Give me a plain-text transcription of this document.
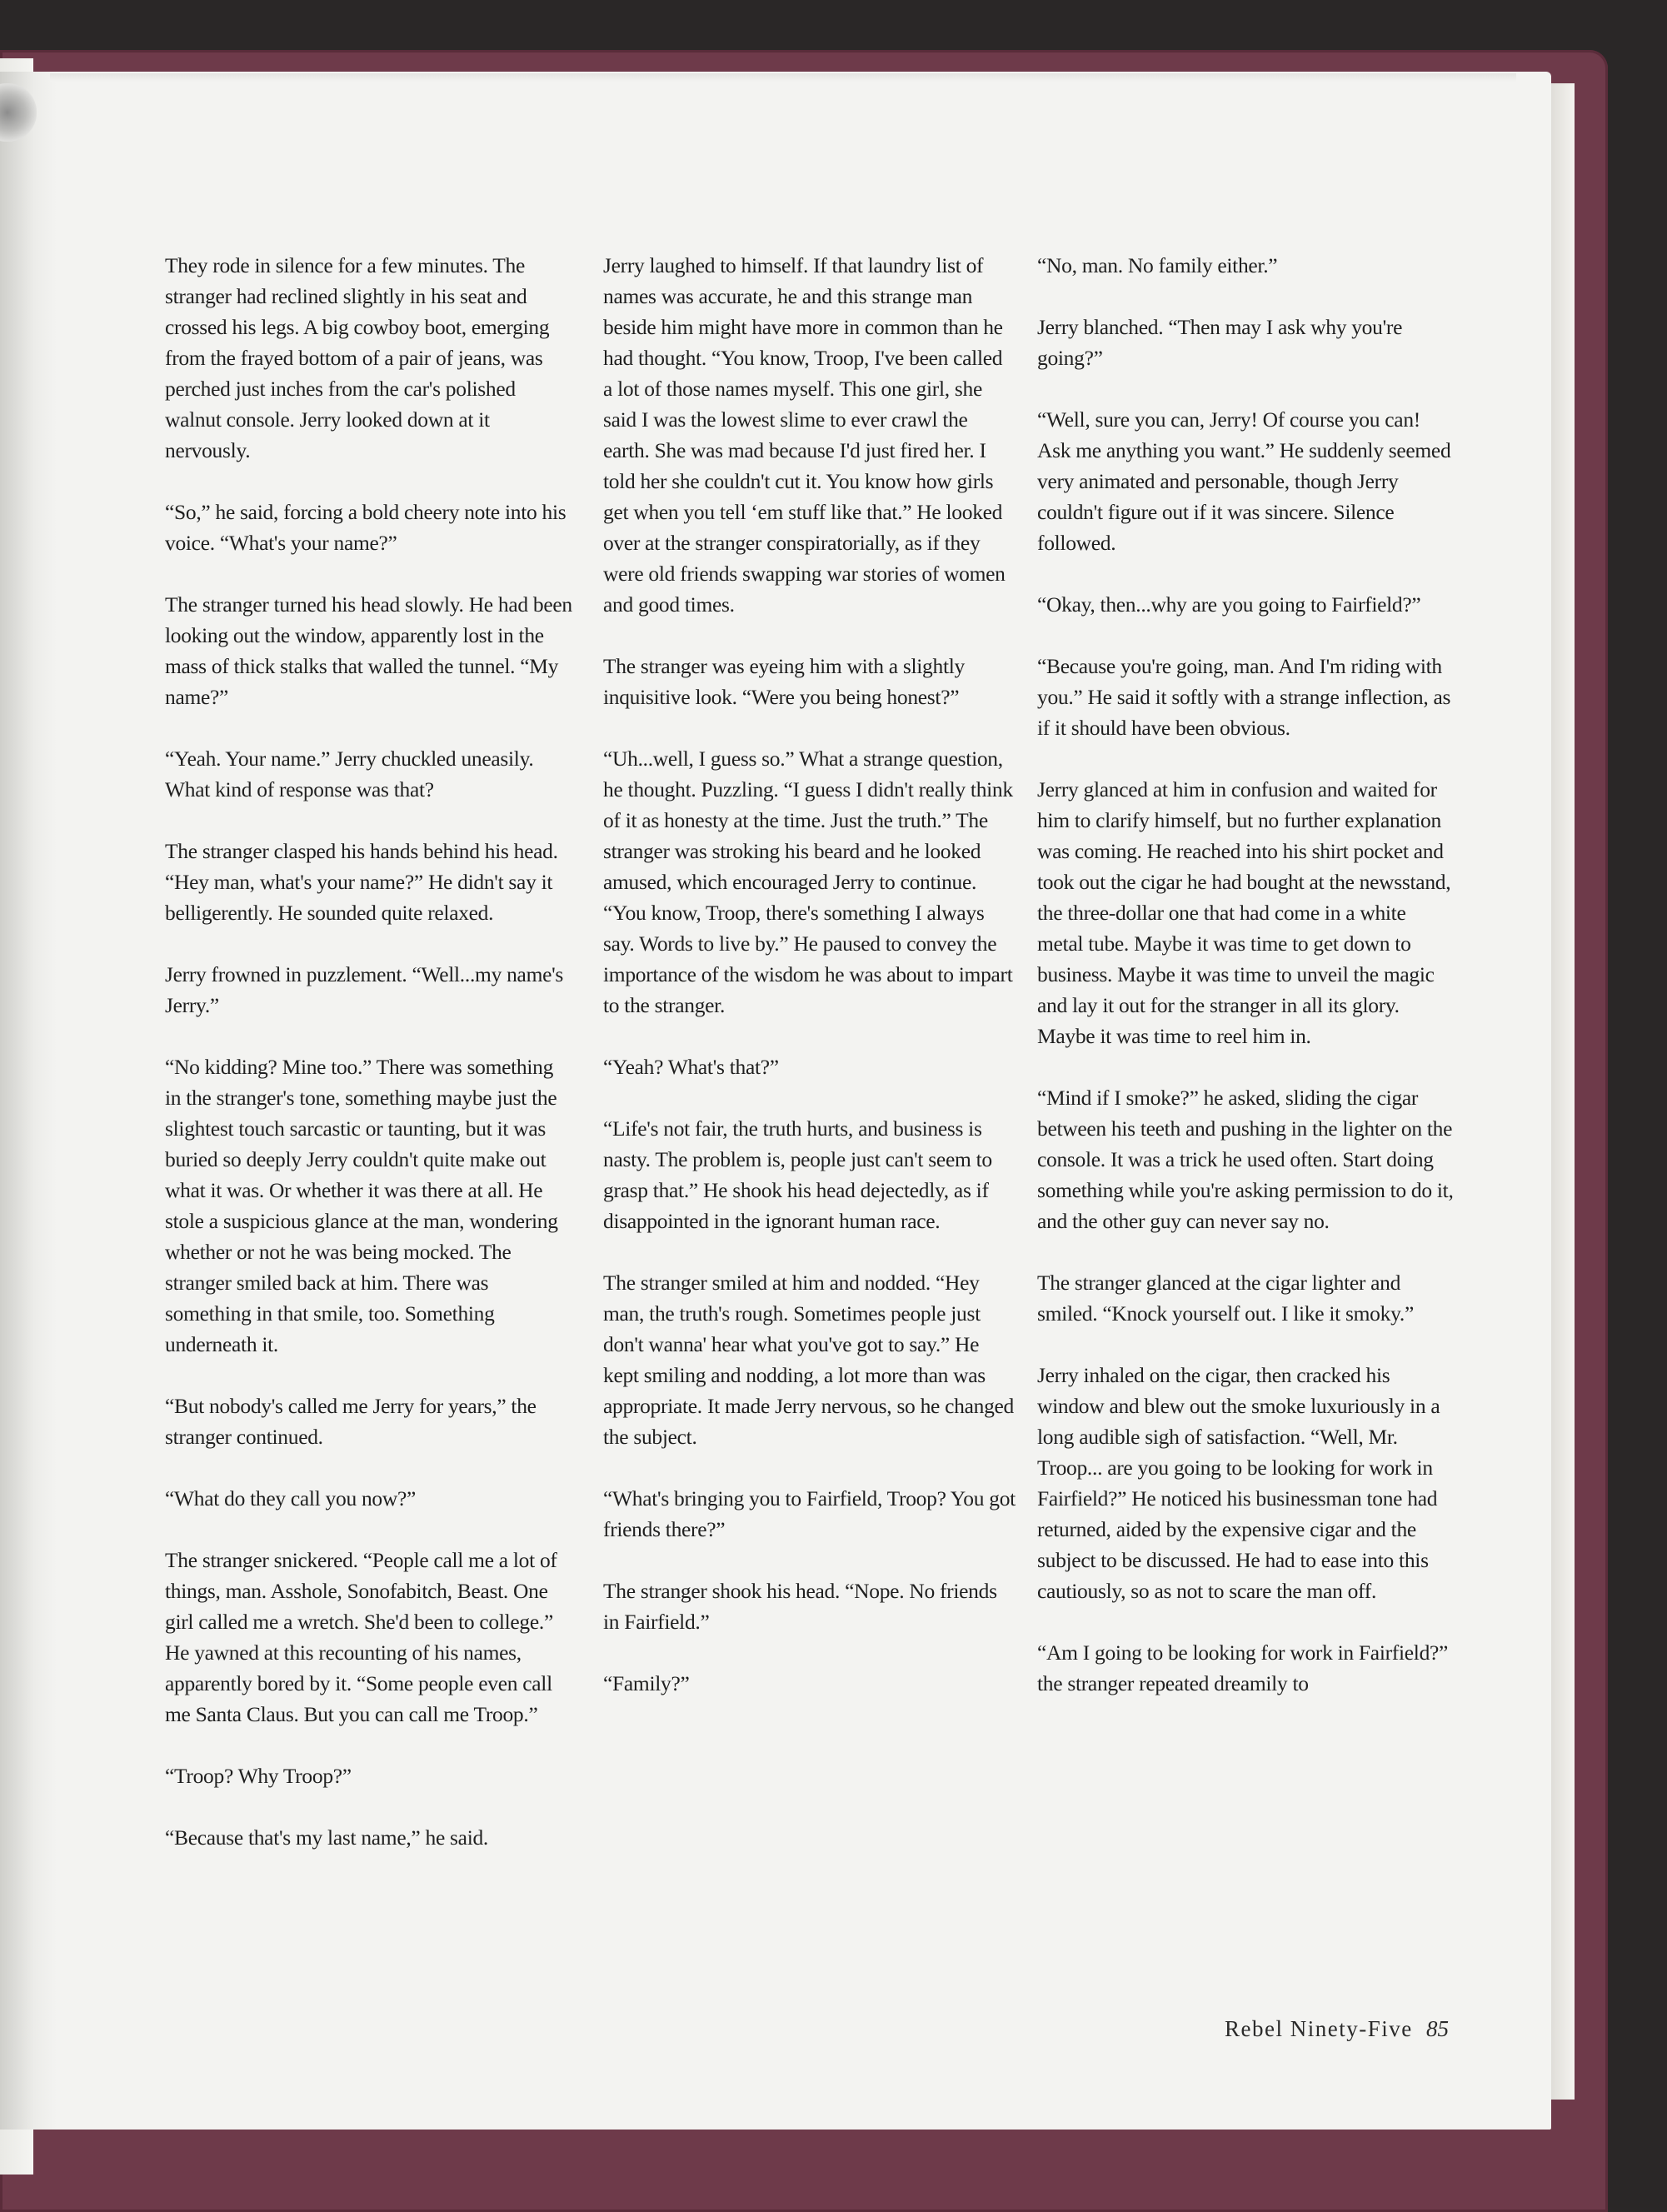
They rode in silence for a few minutes. The stranger had reclined slightly in his seat and crossed his legs. A big cowboy boot, emerging from the frayed bottom of a pair of jeans, was perched just inches from the car's polished walnut console. Jerry looked down at it nervously.

“So,” he said, forcing a bold cheery note into his voice. “What's your name?”

The stranger turned his head slowly. He had been looking out the window, apparently lost in the mass of thick stalks that walled the tunnel. “My name?”

“Yeah. Your name.” Jerry chuckled uneasily. What kind of response was that?

The stranger clasped his hands behind his head. “Hey man, what's your name?” He didn't say it belligerently. He sounded quite relaxed.

Jerry frowned in puzzlement. “Well...my name's Jerry.”

“No kidding? Mine too.” There was something in the stranger's tone, something maybe just the slightest touch sarcastic or taunting, but it was buried so deeply Jerry couldn't quite make out what it was. Or whether it was there at all. He stole a suspicious glance at the man, wondering whether or not he was being mocked. The stranger smiled back at him. There was something in that smile, too. Something underneath it.

“But nobody's called me Jerry for years,” the stranger continued.

“What do they call you now?”

The stranger snickered. “People call me a lot of things, man. Asshole, Sonofabitch, Beast. One girl called me a wretch. She'd been to college.” He yawned at this recounting of his names, apparently bored by it. “Some people even call me Santa Claus. But you can call me Troop.”

“Troop? Why Troop?”

“Because that's my last name,” he said.

Jerry laughed to himself. If that laundry list of names was accurate, he and this strange man beside him might have more in common than he had thought. “You know, Troop, I've been called a lot of those names myself. This one girl, she said I was the lowest slime to ever crawl the earth. She was mad because I'd just fired her. I told her she couldn't cut it. You know how girls get when you tell ‘em stuff like that.” He looked over at the stranger conspiratorially, as if they were old friends swapping war stories of women and good times.

The stranger was eyeing him with a slightly inquisitive look. “Were you being honest?”

“Uh...well, I guess so.” What a strange question, he thought. Puzzling. “I guess I didn't really think of it as honesty at the time. Just the truth.” The stranger was stroking his beard and he looked amused, which encouraged Jerry to continue. “You know, Troop, there's something I always say. Words to live by.” He paused to convey the importance of the wisdom he was about to impart to the stranger.

“Yeah? What's that?”

“Life's not fair, the truth hurts, and business is nasty. The problem is, people just can't seem to grasp that.” He shook his head dejectedly, as if disappointed in the ignorant human race.

The stranger smiled at him and nodded. “Hey man, the truth's rough. Sometimes people just don't wanna' hear what you've got to say.” He kept smiling and nodding, a lot more than was appropriate. It made Jerry nervous, so he changed the subject.

“What's bringing you to Fairfield, Troop? You got friends there?”

The stranger shook his head. “Nope. No friends in Fairfield.”

“Family?”

“No, man. No family either.”

Jerry blanched. “Then may I ask why you're going?”

“Well, sure you can, Jerry! Of course you can! Ask me anything you want.” He suddenly seemed very animated and personable, though Jerry couldn't figure out if it was sincere. Silence followed.

“Okay, then...why are you going to Fairfield?”

“Because you're going, man. And I'm riding with you.” He said it softly with a strange inflection, as if it should have been obvious.

Jerry glanced at him in confusion and waited for him to clarify himself, but no further explanation was coming. He reached into his shirt pocket and took out the cigar he had bought at the newsstand, the three-dollar one that had come in a white metal tube. Maybe it was time to get down to business. Maybe it was time to unveil the magic and lay it out for the stranger in all its glory. Maybe it was time to reel him in.

“Mind if I smoke?” he asked, sliding the cigar between his teeth and pushing in the lighter on the console. It was a trick he used often. Start doing something while you're asking permission to do it, and the other guy can never say no.

The stranger glanced at the cigar lighter and smiled. “Knock yourself out. I like it smoky.”

Jerry inhaled on the cigar, then cracked his window and blew out the smoke luxuriously in a long audible sigh of satisfaction. “Well, Mr. Troop... are you going to be looking for work in Fairfield?” He noticed his businessman tone had returned, aided by the expensive cigar and the subject to be discussed. He had to ease into this cautiously, so as not to scare the man off.

“Am I going to be looking for work in Fairfield?” the stranger repeated dreamily to

Rebel Ninety-Five 85
